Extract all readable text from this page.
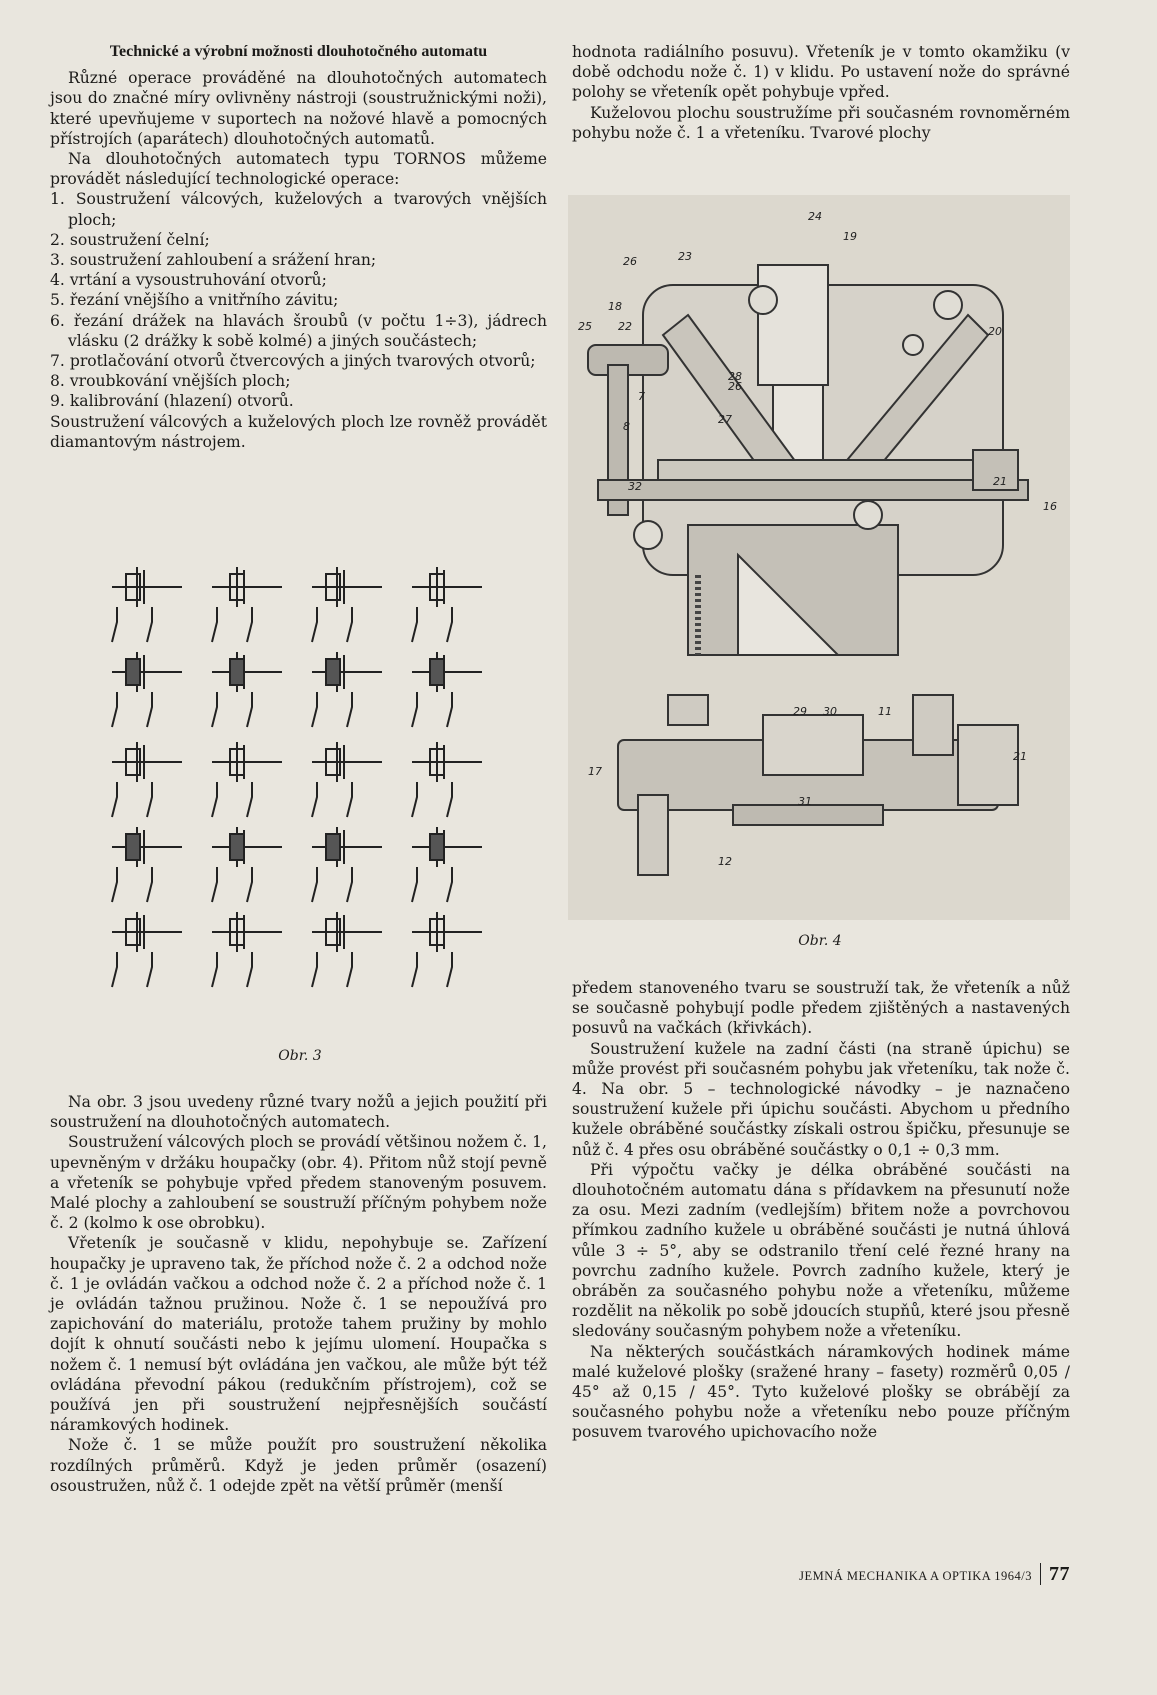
Technické a výrobní možnosti dlouhotočného automatu

Různé operace prováděné na dlouhotočných automatech jsou do značné míry ovlivněny nástroji (soustružnickými noži), které upevňujeme v suportech na nožové hlavě a pomocných přístrojích (aparátech) dlouhotočných automatů.

Na dlouhotočných automatech typu TORNOS můžeme provádět následující technologické operace:

1. Soustružení válcových, kuželových a tvarových vnějších ploch;
2. soustružení čelní;
3. soustružení zahloubení a srážení hran;
4. vrtání a vysoustruhování otvorů;
5. řezání vnějšího a vnitřního závitu;
6. řezání drážek na hlavách šroubů (v počtu 1÷3), jádrech vlásku (2 drážky k sobě kolmé) a jiných součástech;
7. protlačování otvorů čtvercových a jiných tvarových otvorů;
8. vroubkování vnějších ploch;
9. kalibrování (hlazení) otvorů.

Soustružení válcových a kuželových ploch lze rovněž provádět diamantovým nástrojem.

Obr. 3

Na obr. 3 jsou uvedeny různé tvary nožů a jejich použití při soustružení na dlouhotočných automatech.

Soustružení válcových ploch se provádí většinou nožem č. 1, upevněným v držáku houpačky (obr. 4). Přitom nůž stojí pevně a vřeteník se pohybuje vpřed předem stanoveným posuvem. Malé plochy a zahloubení se soustruží příčným pohybem nože č. 2 (kolmo k ose obrobku).

Vřeteník je současně v klidu, nepohybuje se. Zařízení houpačky je upraveno tak, že příchod nože č. 2 a odchod nože č. 1 je ovládán vačkou a odchod nože č. 2 a příchod nože č. 1 je ovládán tažnou pružinou. Nože č. 1 se nepoužívá pro zapichování do materiálu, protože tahem pružiny by mohlo dojít k ohnutí součásti nebo k jejímu ulomení. Houpačka s nožem č. 1 nemusí být ovládána jen vačkou, ale může být též ovládána převodní pákou (redukčním přístrojem), což se používá jen při soustružení nejpřesnějších součástí náramkových hodinek.

Nože č. 1 se může použít pro soustružení několika rozdílných průměrů. Když je jeden průměr (osazení) osoustružen, nůž č. 1 odejde zpět na větší průměr (menší

hodnota radiálního posuvu). Vřeteník je v tomto okamžiku (v době odchodu nože č. 1) v klidu. Po ustavení nože do správné polohy se vřeteník opět pohybuje vpřed.

Kuželovou plochu soustružíme při současném rovnoměrném pohybu nože č. 1 a vřeteníku. Tvarové plochy

24
19
26	23
18
25 22
7
28
26
8
20
27
32	21
16
29 30	11
17
31
21
12
Obr. 4

předem stanoveného tvaru se soustruží tak, že vřeteník a nůž se současně pohybují podle předem zjištěných a nastavených posuvů na vačkách (křivkách).

Soustružení kužele na zadní části (na straně úpichu) se může provést při současném pohybu jak vřeteníku, tak nože č. 4. Na obr. 5 – technologické návodky – je naznačeno soustružení kužele při úpichu součásti. Abychom u předního kužele obráběné součástky získali ostrou špičku, přesunuje se nůž č. 4 přes osu obráběné součástky o 0,1 ÷ 0,3 mm.

Při výpočtu vačky je délka obráběné součásti na dlouhotočném automatu dána s přídavkem na přesunutí nože za osu. Mezi zadním (vedlejším) břitem nože a povrchovou přímkou zadního kužele u obráběné součásti je nutná úhlová vůle 3 ÷ 5°, aby se odstranilo tření celé řezné hrany na povrchu zadního kužele. Povrch zadního kužele, který je obráběn za současného pohybu nože a vřeteníku, můžeme rozdělit na několik po sobě jdoucích stupňů, které jsou přesně sledovány současným pohybem nože a vřeteníku.

Na některých součástkách náramkových hodinek máme malé kuželové plošky (sražené hrany – fasety) rozměrů 0,05 / 45° až 0,15 / 45°. Tyto kuželové plošky se obrábějí za současného pohybu nože a vřeteníku nebo pouze příčným posuvem tvarového upichovacího nože

JEMNÁ MECHANIKA A OPTIKA 1964/3 77
